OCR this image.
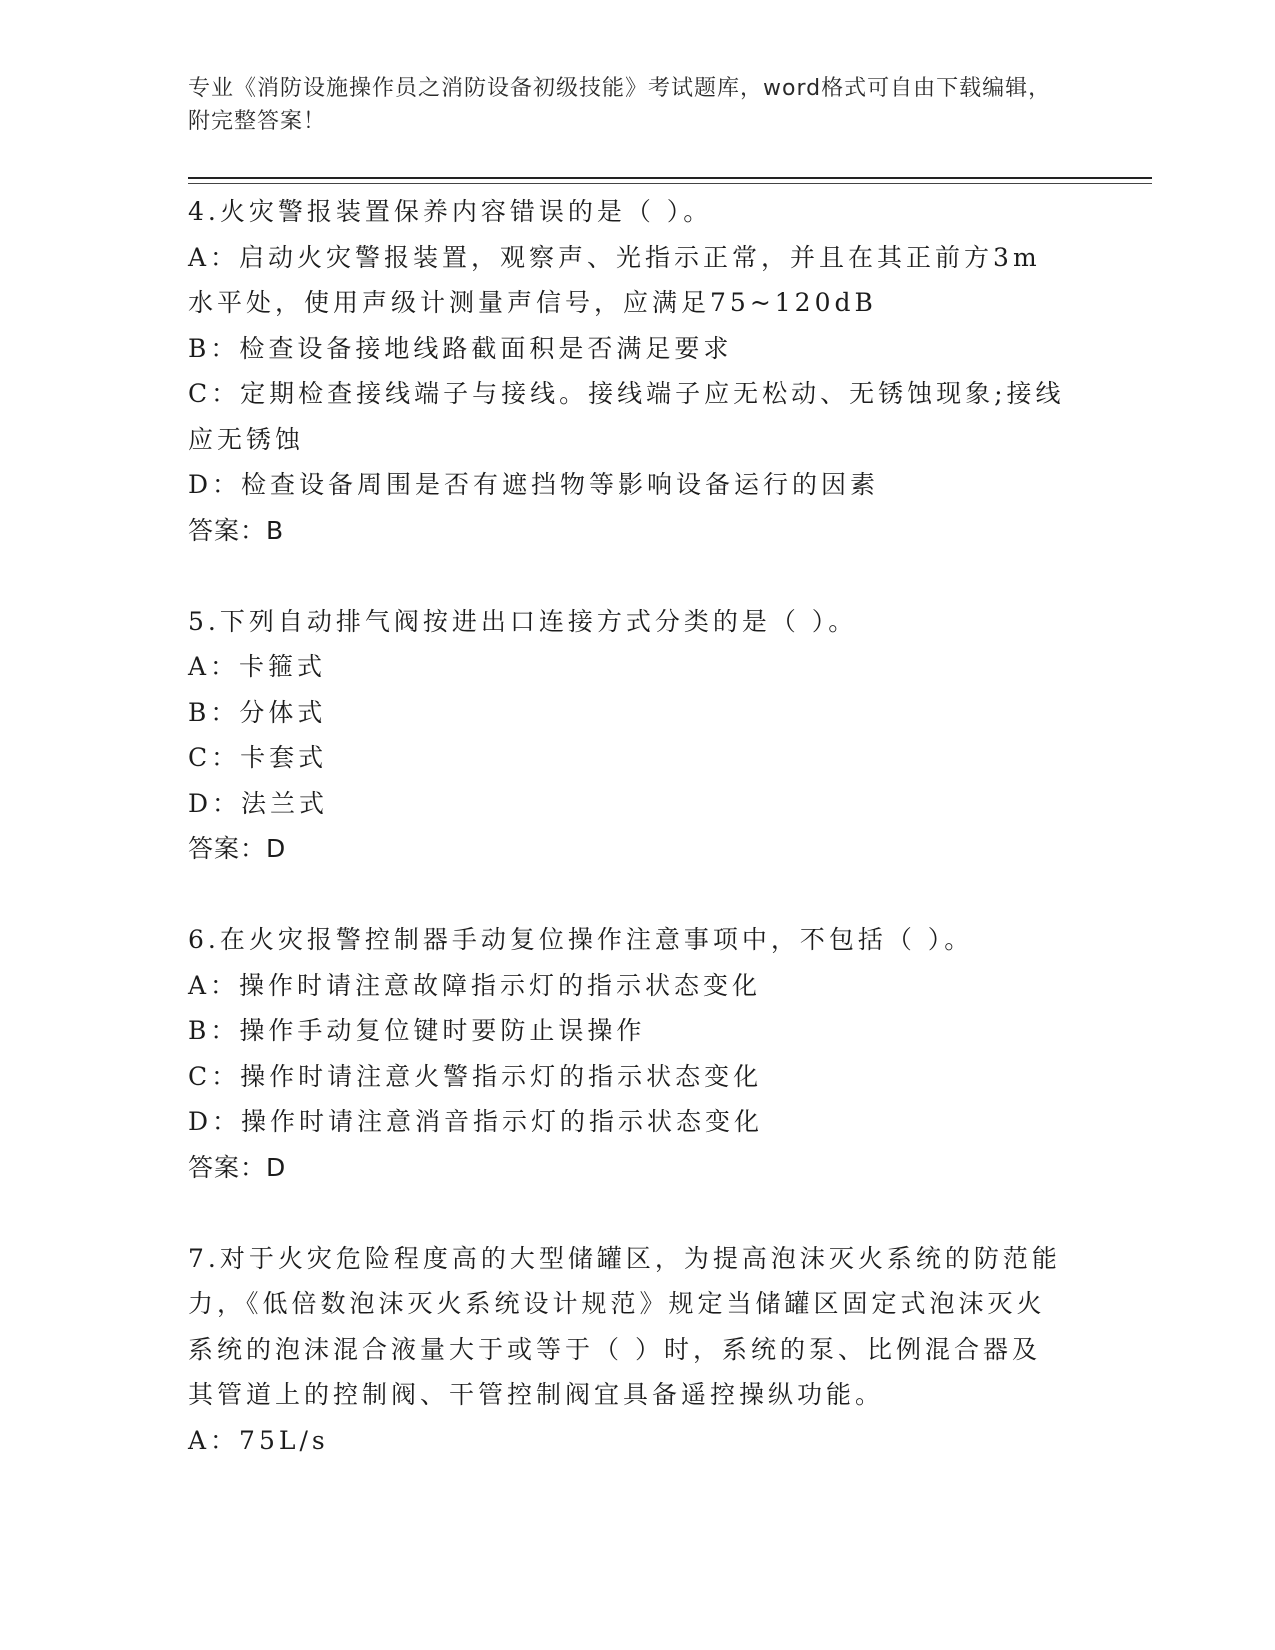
专业《消防设施操作员之消防设备初级技能》考试题库，word格式可自由下载编辑，附完整答案！

4.火灾警报装置保养内容错误的是（ ）。

A：启动火灾警报装置，观察声、光指示正常，并且在其正前方3m水平处，使用声级计测量声信号，应满足75~120dB

B：检查设备接地线路截面积是否满足要求

C：定期检查接线端子与接线。接线端子应无松动、无锈蚀现象;接线应无锈蚀

D：检查设备周围是否有遮挡物等影响设备运行的因素

答案：B

5.下列自动排气阀按进出口连接方式分类的是（ ）。

A：卡箍式

B：分体式

C：卡套式

D：法兰式

答案：D

6.在火灾报警控制器手动复位操作注意事项中，不包括（ ）。

A：操作时请注意故障指示灯的指示状态变化

B：操作手动复位键时要防止误操作

C：操作时请注意火警指示灯的指示状态变化

D：操作时请注意消音指示灯的指示状态变化

答案：D

7.对于火灾危险程度高的大型储罐区，为提高泡沫灭火系统的防范能力，《低倍数泡沫灭火系统设计规范》规定当储罐区固定式泡沫灭火系统的泡沫混合液量大于或等于（ ）时，系统的泵、比例混合器及其管道上的控制阀、干管控制阀宜具备遥控操纵功能。

A：75L/s
